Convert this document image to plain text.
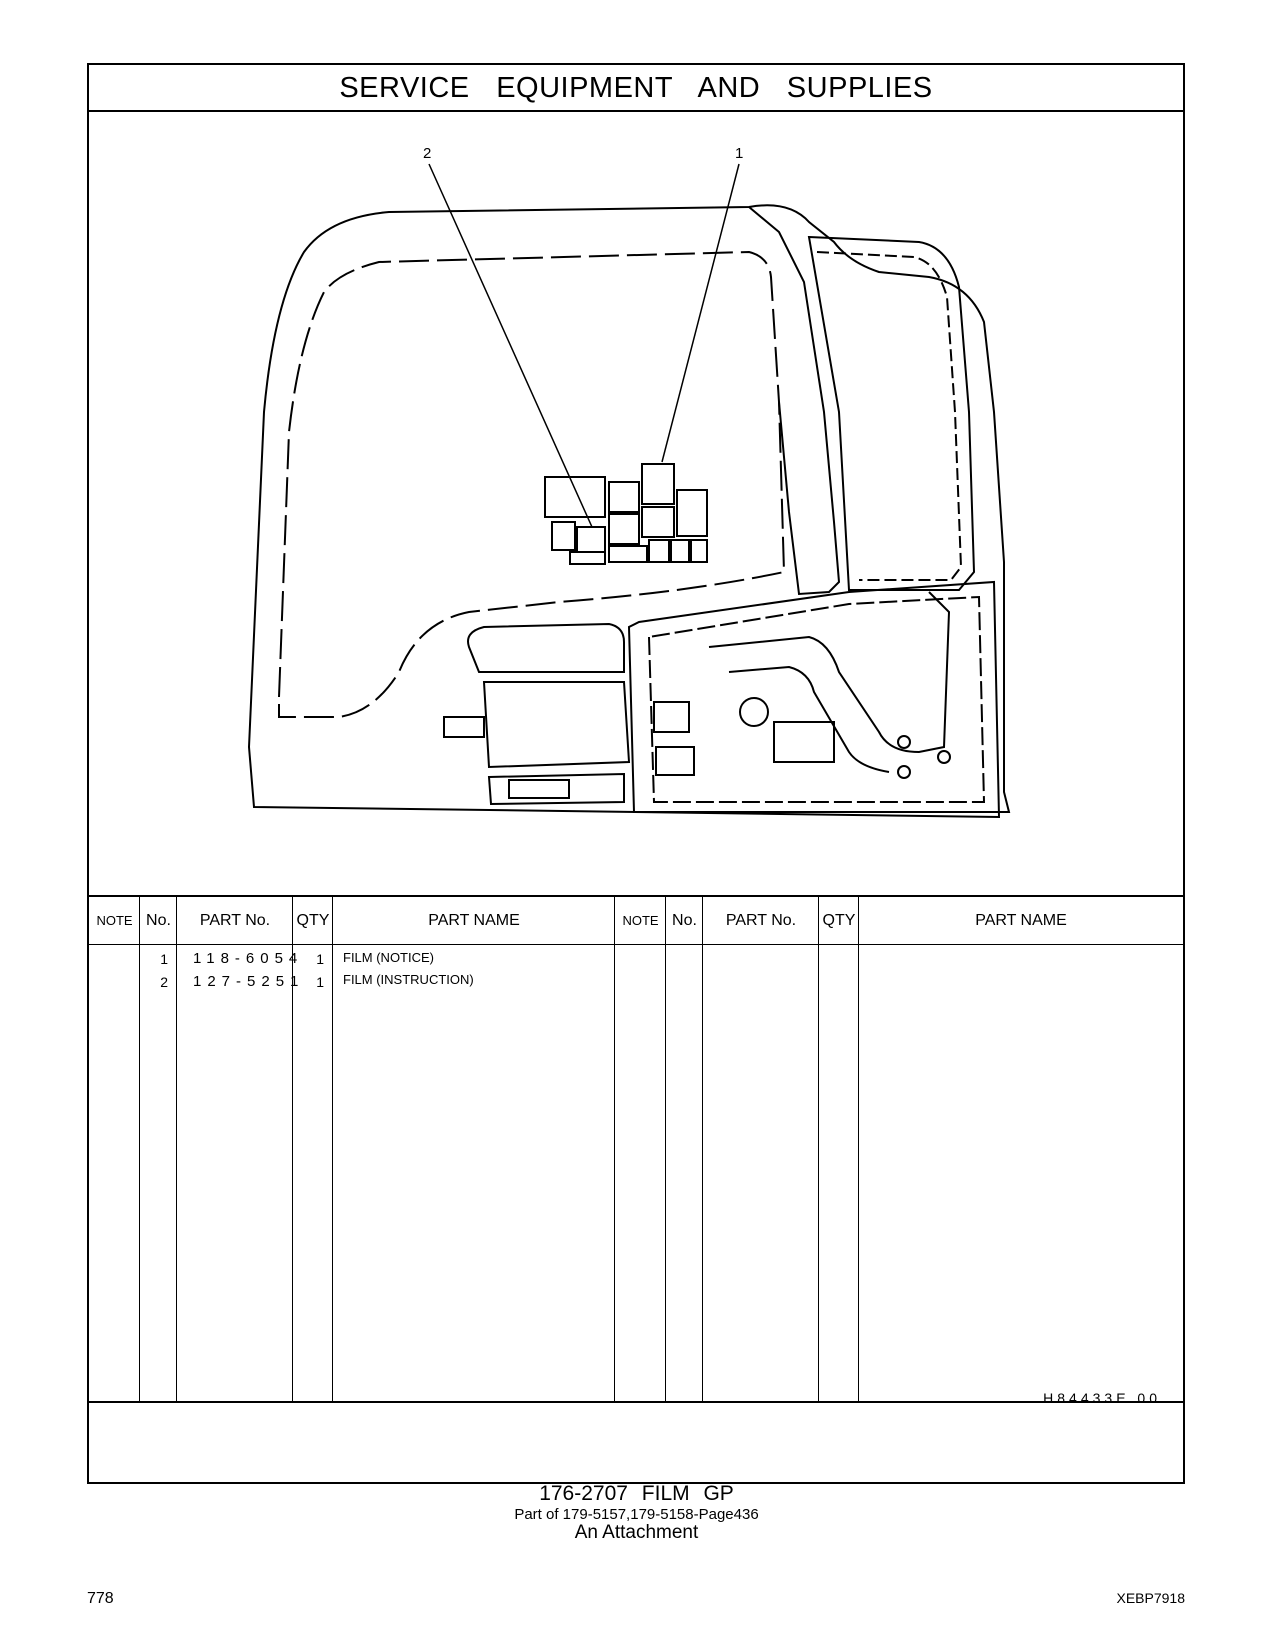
SERVICE EQUIPMENT AND SUPPLIES
2	1
NOTE No.	PART No.	QTY	PART NAME	NOTE No.	PART No.	QTY	PART NAME
1 118-6054 1 FILM (NOTICE)
2 127-5251 1 FILM (INSTRUCTION)
H84433E 00
176-2707 FILM GP
Part of 179-5157,179-5158-Page436
An Attachment
778	XEBP7918
